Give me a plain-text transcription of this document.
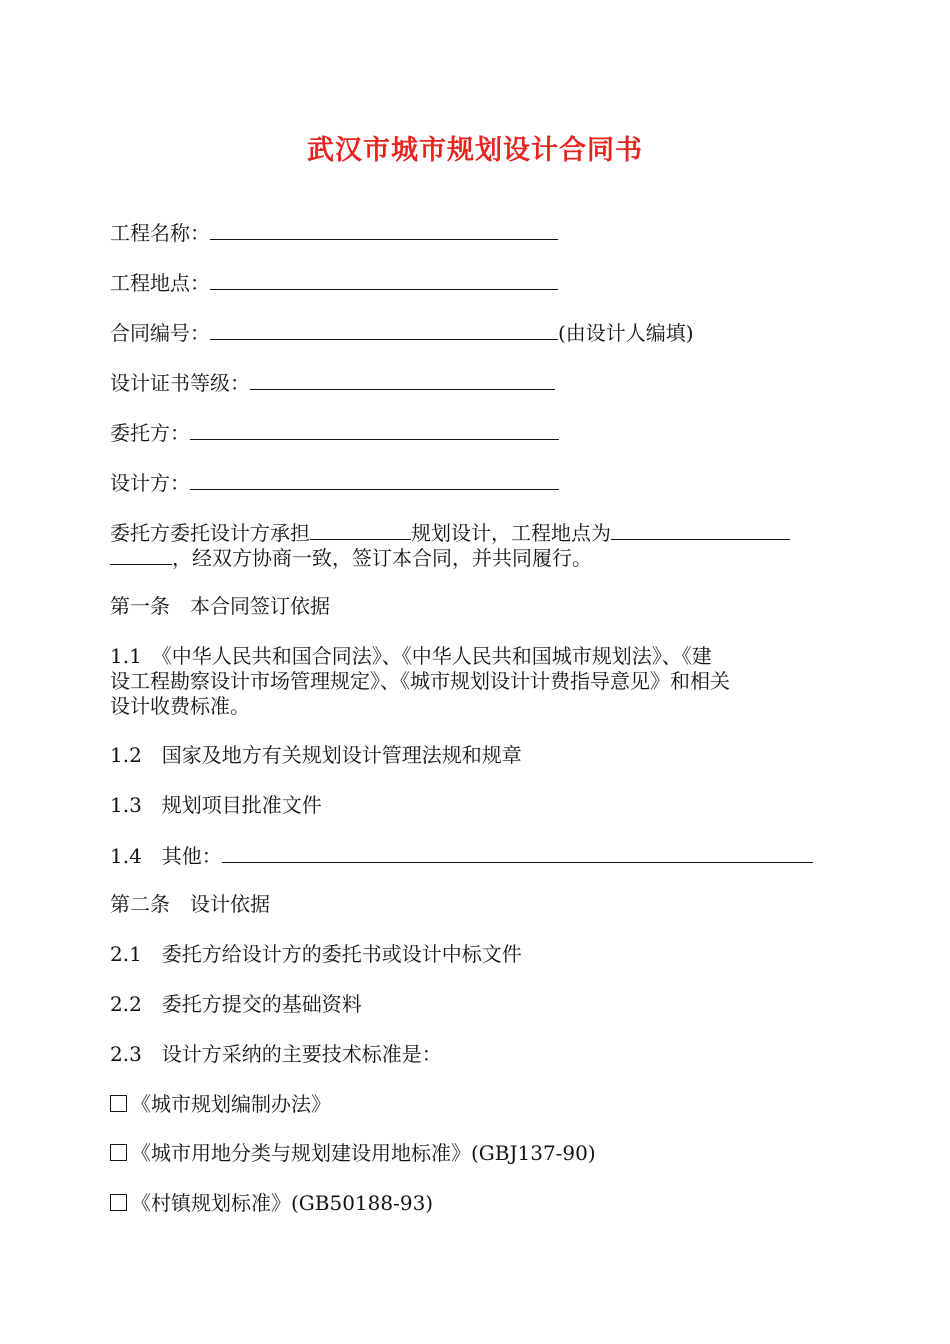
武汉市城市规划设计合同书
工程名称：
工程地点：
合同编号：	(由设计人编填)
设计证书等级：
委托方：
设计方：
委托方委托设计方承担	规划设计，工程地点为
，经双方协商一致，签订本合同，并共同履行。
第一条　本合同签订依据
1.1　《中华人民共和国合同法》、《中华人民共和国城市规划法》、《建
设工程勘察设计市场管理规定》、《城市规划设计计费指导意见》和相关
设计收费标准。
1.2　国家及地方有关规划设计管理法规和规章
1.3　规划项目批准文件
1.4　其他：
第二条　设计依据
2.1　委托方给设计方的委托书或设计中标文件
2.2　委托方提交的基础资料
2.3　设计方采纳的主要技术标准是：
《城市规划编制办法》
《城市用地分类与规划建设用地标准》(GBJ137-90)
《村镇规划标准》(GB50188-93)
